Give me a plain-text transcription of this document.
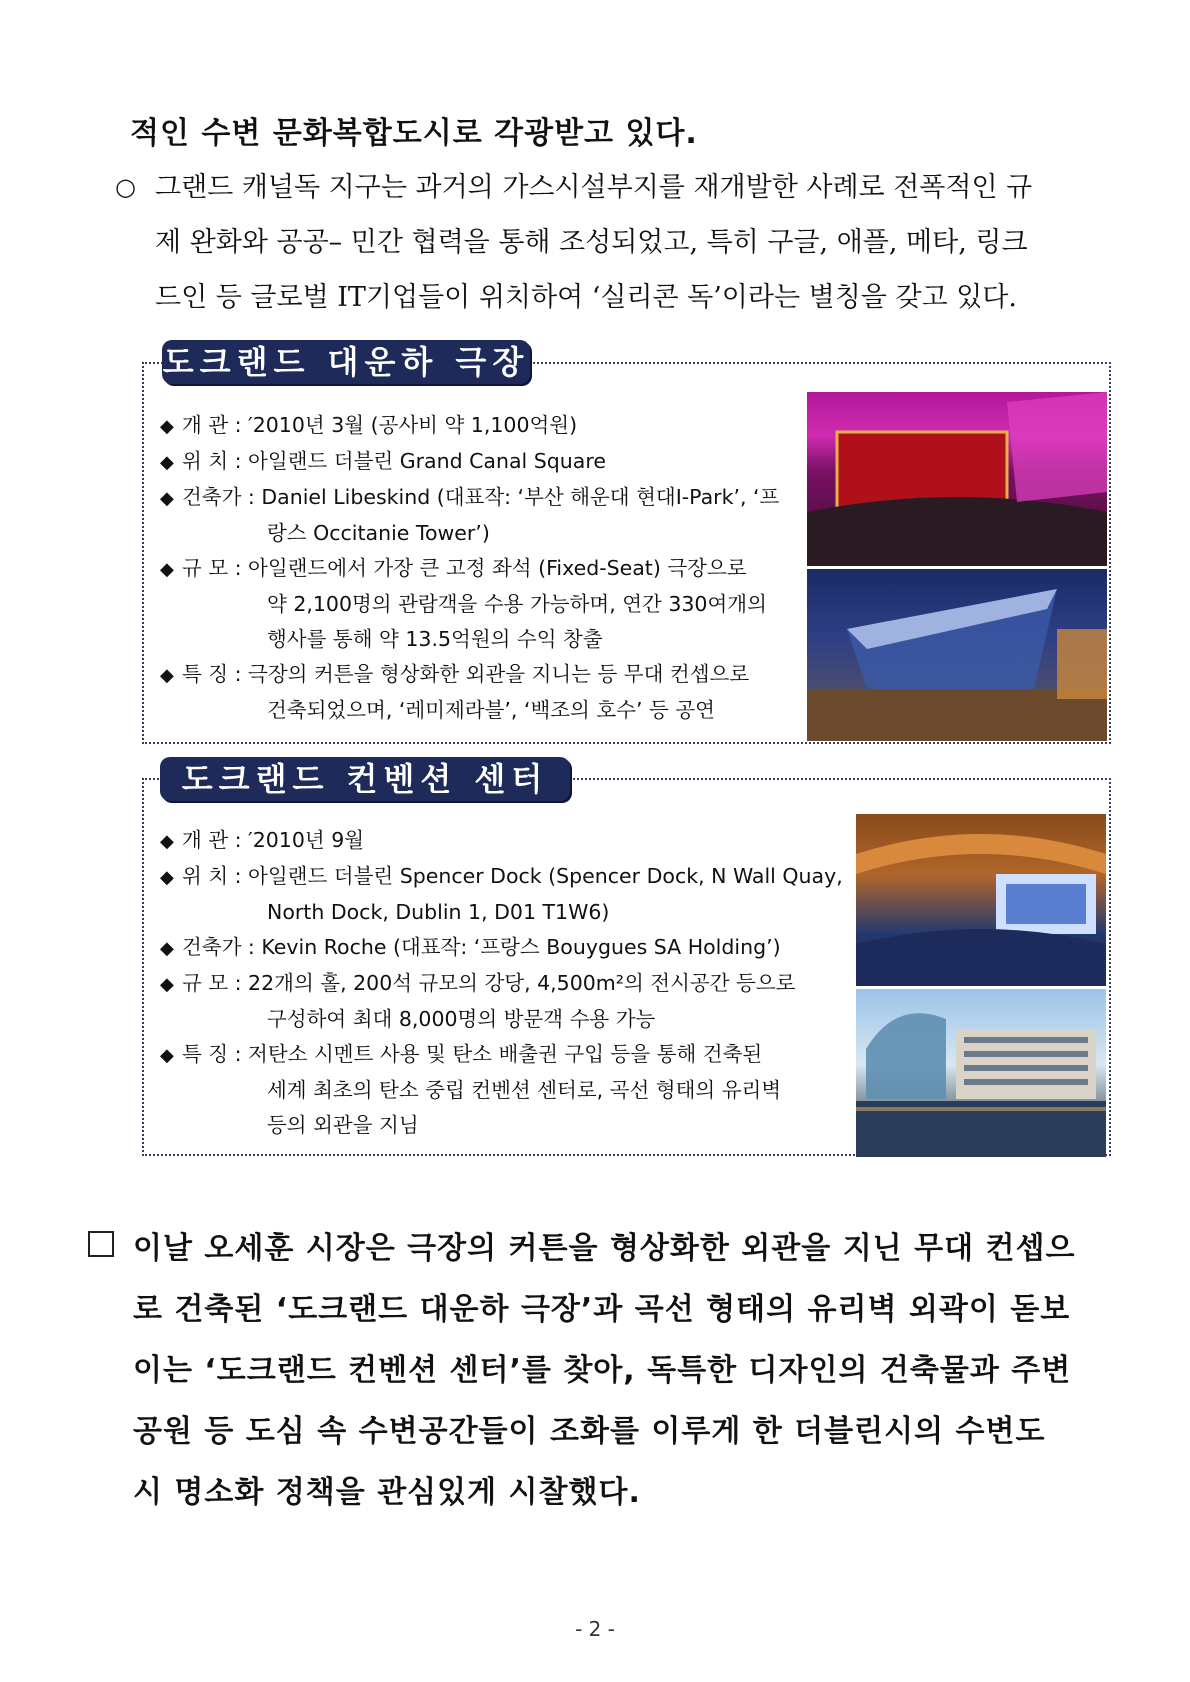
적인 수변 문화복합도시로 각광받고 있다.
○ 그랜드 캐널독 지구는 과거의 가스시설부지를 재개발한 사례로 전폭적인 규
제 완화와 공공– 민간 협력을 통해 조성되었고, 특히 구글, 애플, 메타, 링크
드인 등 글로벌 IT기업들이 위치하여 ‘실리콘 독’이라는 별칭을 갖고 있다.
도크랜드 대운하 극장
◆ 개 관 : ′2010년 3월 (공사비 약 1,100억원)
◆ 위 치 : 아일랜드 더블린 Grand Canal Square
◆ 건축가 : Daniel Libeskind (대표작: ‘부산 해운대 현대I-Park’, ‘프
랑스 Occitanie Tower’)
◆ 규 모 : 아일랜드에서 가장 큰 고정 좌석 (Fixed-Seat) 극장으로
약 2,100명의 관람객을 수용 가능하며, 연간 330여개의
행사를 통해 약 13.5억원의 수익 창출
◆ 특 징 : 극장의 커튼을 형상화한 외관을 지니는 등 무대 컨셉으로
건축되었으며, ‘레미제라블’, ‘백조의 호수’ 등 공연
도크랜드 컨벤션 센터
◆ 개 관 : ′2010년 9월
◆ 위 치 : 아일랜드 더블린 Spencer Dock (Spencer Dock, N Wall Quay,
North Dock, Dublin 1, D01 T1W6)
◆ 건축가 : Kevin Roche (대표작: ‘프랑스 Bouygues SA Holding’)
◆ 규 모 : 22개의 홀, 200석 규모의 강당, 4,500m²의 전시공간 등으로
구성하여 최대 8,000명의 방문객 수용 가능
◆ 특 징 : 저탄소 시멘트 사용 및 탄소 배출권 구입 등을 통해 건축된
세계 최초의 탄소 중립 컨벤션 센터로, 곡선 형태의 유리벽
등의 외관을 지님
이날 오세훈 시장은 극장의 커튼을 형상화한 외관을 지닌 무대 컨셉으
로 건축된 ‘도크랜드 대운하 극장’과 곡선 형태의 유리벽 외곽이 돋보
이는 ‘도크랜드 컨벤션 센터’를 찾아, 독특한 디자인의 건축물과 주변
공원 등 도심 속 수변공간들이 조화를 이루게 한 더블린시의 수변도
시 명소화 정책을 관심있게 시찰했다.
- 2 -
